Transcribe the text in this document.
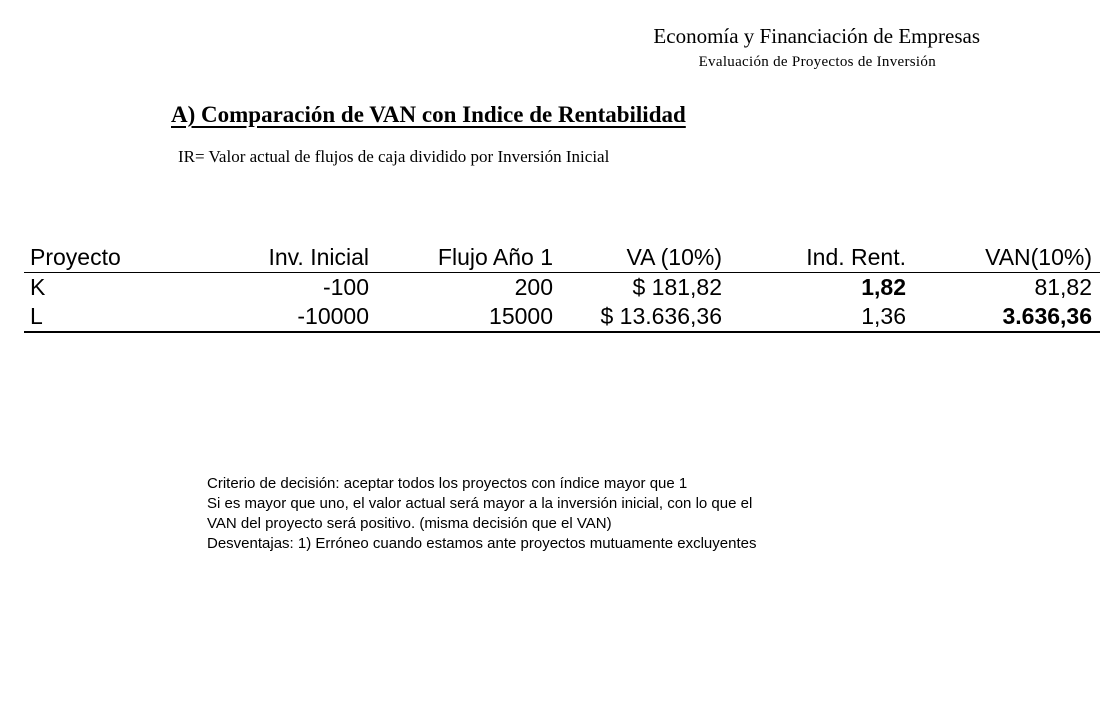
Economía y Financiación de Empresas
Evaluación de Proyectos de Inversión
A) Comparación de VAN con Indice de Rentabilidad
IR= Valor actual de flujos de caja dividido por Inversión Inicial
Proyecto	Inv. Inicial	Flujo Año 1	VA (10%)	Ind. Rent.	VAN(10%)
K	-100	200	$ 181,82	1,82	81,82
L	-10000	15000	$ 13.636,36	1,36	3.636,36
Criterio de decisión: aceptar todos los proyectos con índice mayor que 1
Si es mayor que uno, el valor actual será mayor a la inversión inicial, con lo que el
VAN del proyecto será positivo. (misma decisión que el VAN)
Desventajas: 1) Erróneo cuando estamos ante proyectos mutuamente excluyentes
